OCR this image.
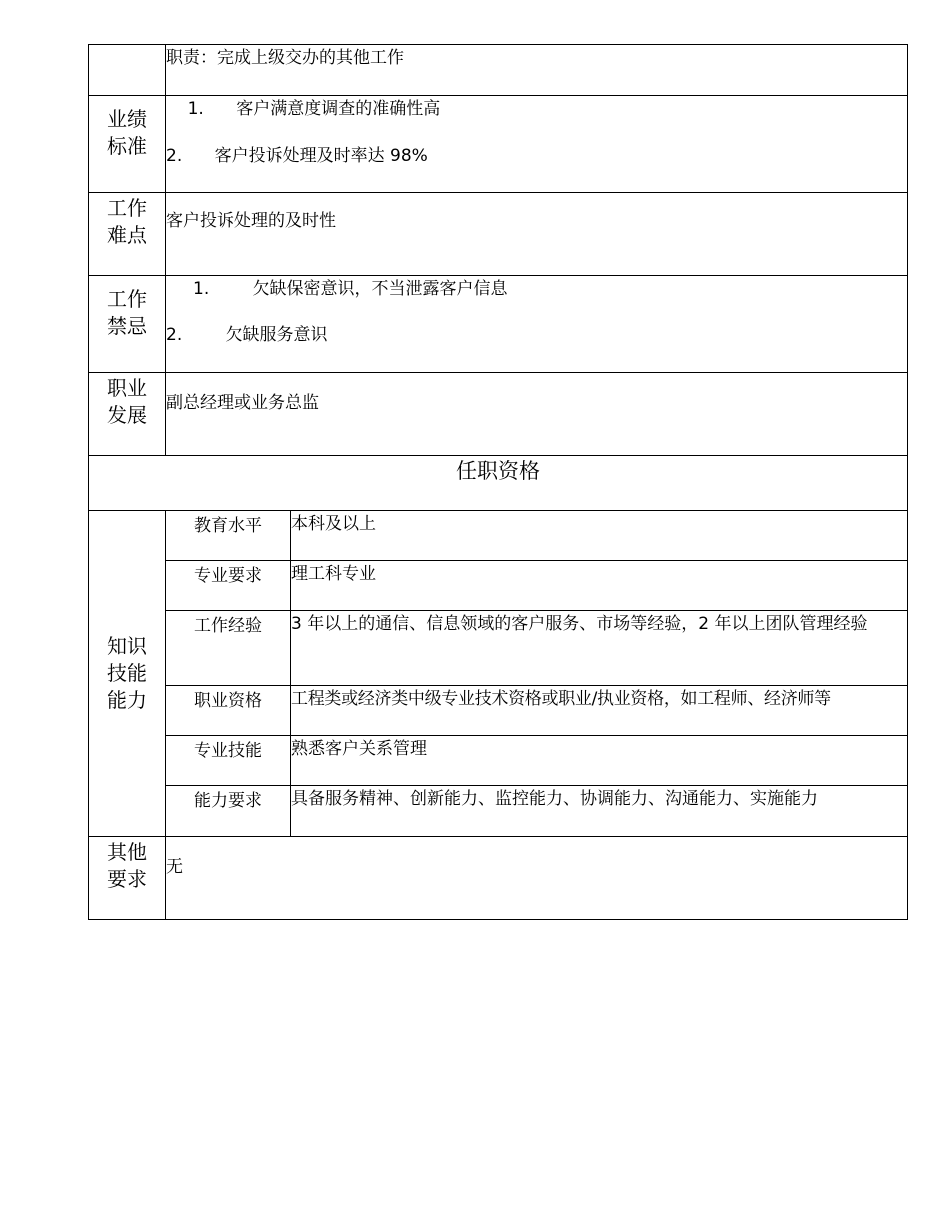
	职责：完成上级交办的其他工作	
业绩标准	1.      客户满意度调查的准确性高
2.      客户投诉处理及时率达 98%	

工作难点	客户投诉处理的及时性	
工作禁忌	1.        欠缺保密意识，不当泄露客户信息
2.        欠缺服务意识	

职业发展	副总经理或业务总监	
任职资格		
知识技能能力	教育水平	本科及以上
	专业要求	理工科专业
	工作经验	3 年以上的通信、信息领域的客户服务、市场等经验，2 年以上团队管理经验
	职业资格	工程类或经济类中级专业技术资格或职业/执业资格，如工程师、经济师等
	专业技能	熟悉客户关系管理
	能力要求	具备服务精神、创新能力、监控能力、协调能力、沟通能力、实施能力
其他要求	无	
